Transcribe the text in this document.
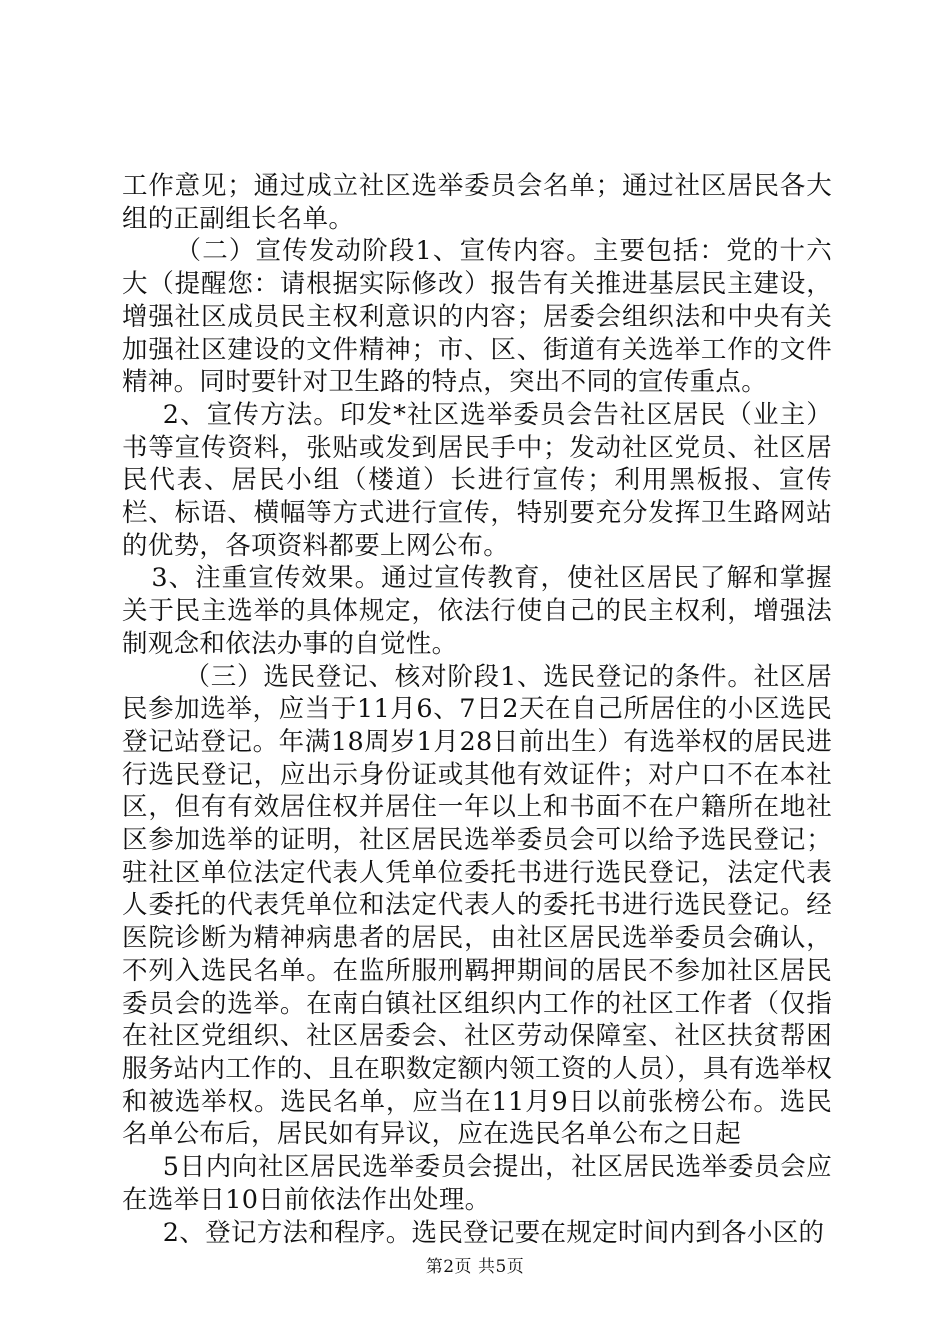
工作意见；通过成立社区选举委员会名单；通过社区居民各大组的正副组长名单。

（二）宣传发动阶段1、宣传内容。主要包括：党的十六大（提醒您：请根据实际修改）报告有关推进基层民主建设，增强社区成员民主权利意识的内容；居委会组织法和中央有关加强社区建设的文件精神；市、区、街道有关选举工作的文件精神。同时要针对卫生路的特点，突出不同的宣传重点。

2、宣传方法。印发*社区选举委员会告社区居民（业主）书等宣传资料，张贴或发到居民手中；发动社区党员、社区居民代表、居民小组（楼道）长进行宣传；利用黑板报、宣传栏、标语、横幅等方式进行宣传，特别要充分发挥卫生路网站的优势，各项资料都要上网公布。

3、注重宣传效果。通过宣传教育，使社区居民了解和掌握关于民主选举的具体规定，依法行使自己的民主权利，增强法制观念和依法办事的自觉性。

（三）选民登记、核对阶段1、选民登记的条件。社区居民参加选举，应当于11月6、7日2天在自己所居住的小区选民登记站登记。年满18周岁1月28日前出生）有选举权的居民进行选民登记，应出示身份证或其他有效证件；对户口不在本社区，但有有效居住权并居住一年以上和书面不在户籍所在地社区参加选举的证明，社区居民选举委员会可以给予选民登记；驻社区单位法定代表人凭单位委托书进行选民登记，法定代表人委托的代表凭单位和法定代表人的委托书进行选民登记。经医院诊断为精神病患者的居民，由社区居民选举委员会确认，不列入选民名单。在监所服刑羁押期间的居民不参加社区居民委员会的选举。在南白镇社区组织内工作的社区工作者（仅指在社区党组织、社区居委会、社区劳动保障室、社区扶贫帮困服务站内工作的、且在职数定额内领工资的人员），具有选举权和被选举权。选民名单，应当在11月9日以前张榜公布。选民名单公布后，居民如有异议，应在选民名单公布之日起

5日内向社区居民选举委员会提出，社区居民选举委员会应在选举日10日前依法作出处理。

2、登记方法和程序。选民登记要在规定时间内到各小区的

第2页 共5页
